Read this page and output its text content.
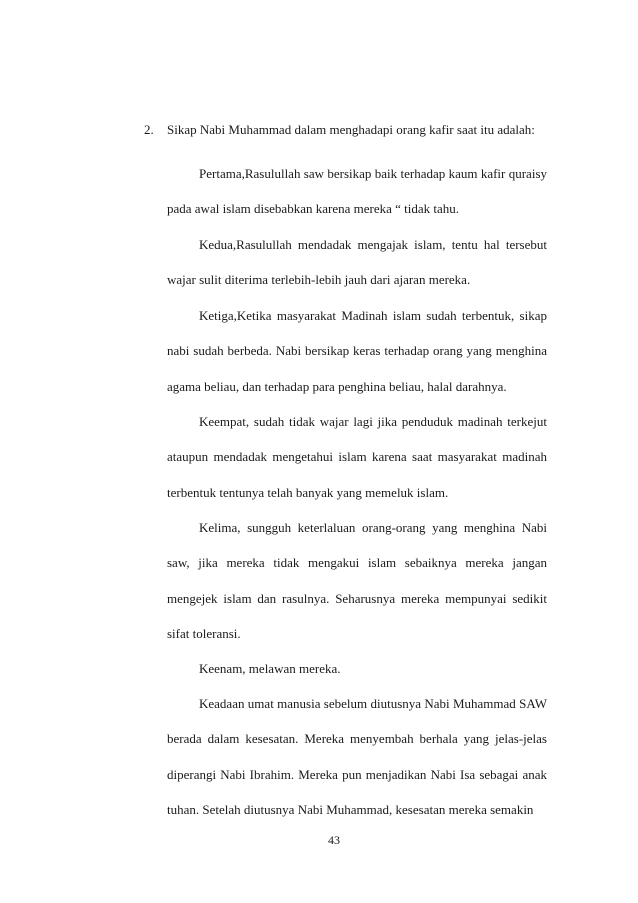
2. Sikap Nabi Muhammad dalam menghadapi orang kafir saat itu adalah:

Pertama,Rasulullah saw bersikap baik terhadap kaum kafir quraisy pada awal islam disebabkan karena mereka “ tidak tahu.

Kedua,Rasulullah mendadak mengajak islam, tentu hal tersebut wajar sulit diterima terlebih-lebih jauh dari ajaran mereka.

Ketiga,Ketika masyarakat Madinah islam sudah terbentuk, sikap nabi sudah berbeda. Nabi bersikap keras terhadap orang yang menghina agama beliau, dan terhadap para penghina beliau, halal darahnya.

Keempat, sudah tidak wajar lagi jika penduduk madinah terkejut ataupun mendadak mengetahui islam karena saat masyarakat madinah terbentuk tentunya telah banyak yang memeluk islam.

Kelima, sungguh keterlaluan orang-orang yang menghina Nabi saw, jika mereka tidak mengakui islam sebaiknya mereka jangan mengejek islam dan rasulnya. Seharusnya mereka mempunyai sedikit sifat toleransi.

Keenam, melawan mereka.

Keadaan umat manusia sebelum diutusnya Nabi Muhammad SAW berada dalam kesesatan. Mereka menyembah berhala yang jelas-jelas diperangi Nabi Ibrahim. Mereka pun menjadikan Nabi Isa sebagai anak tuhan. Setelah diutusnya Nabi Muhammad, kesesatan mereka semakin

43
